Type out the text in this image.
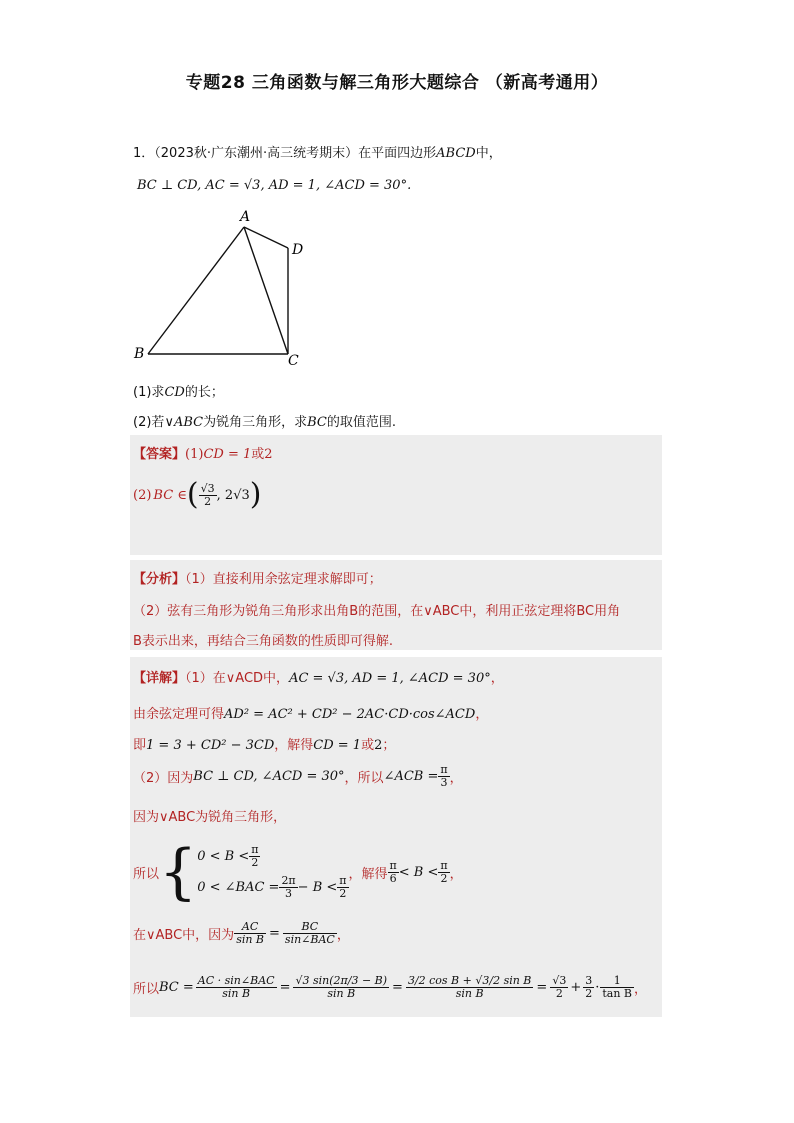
专题28 三角函数与解三角形大题综合 （新高考通用）
1．（2023秋·广东潮州·高三统考期末）在平面四边形ABCD中，
BC ⊥ CD, AC = √3, AD = 1, ∠ACD = 30°.
A
B	C
D
(1)求CD的长；
(2)若∨ABC为锐角三角形，求BC的取值范围.
【答案】(1)CD = 1或2
(2) BC ∈ ( $\frac{√3}{2}$ , 2√3 )
【分析】（1）直接利用余弦定理求解即可；
（2）弦有三角形为锐角三角形求出角B的范围，在∨ABC中，利用正弦定理将BC用角
B表示出来，再结合三角函数的性质即可得解.
【详解】（1）在∨ACD中，AC = √3, AD = 1, ∠ACD = 30°，
由余弦定理可得AD² = AC² + CD² − 2AC·CD·cos∠ACD，
即1 = 3 + CD² − 3CD，解得CD = 1或2；
（2）因为 BC ⊥ CD, ∠ACD = 30° ，所以 ∠ACB = $\frac{\pi}{3}$ ，
因为∨ABC为锐角三角形，
所以 { $0 < B < \frac{\pi}{2}$
0 < ∠BAC = $\frac{2\pi}{3} - B < \frac{\pi}{2}$
，解得 $\frac{\pi}{6} < B < \frac{\pi}{2}$ ，
在∨ABC中，因为 $\frac{AC}{\text{sin B}} = \frac{BC}{\text{sin∠BAC}}$ ，
所以 BC = $\frac{\text{AC · sin∠BAC}}{\text{sin B}} = \frac{√3 \sin(2\pi/3 - B)}{\text{sin B}} = \frac{\text{3/2 cos B + √3/2 sin B}}{\text{sin B}} = \frac{√3}{2} + \frac{3}{2} \cdot \frac{1}{\text{tan B}}$ ，
